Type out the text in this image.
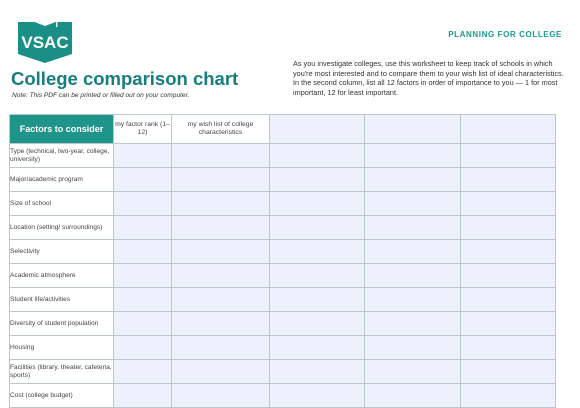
VSAC	PLANNING FOR COLLEGE
College comparison chart
Note: This PDF can be printed or filled out on your computer.
As you investigate colleges, use this worksheet to keep track of schools in which you're most interested and to compare them to your wish list of ideal characteristics. In the second column, list all 12 factors in order of importance to you — 1 for most important, 12 for least important.
Factors to consider	my factor rank (1–12)	my wish list of college characteristics			
Type (technical, two-year, college, university)					
Major/academic program					
Size of school					
Location (setting/ surroundings)					
Selectivity					
Academic atmosphere					
Student life/activities					
Diversity of student population					
Housing					
Facilities (library, theater, cafeteria, sports)					
Cost (college budget)					
